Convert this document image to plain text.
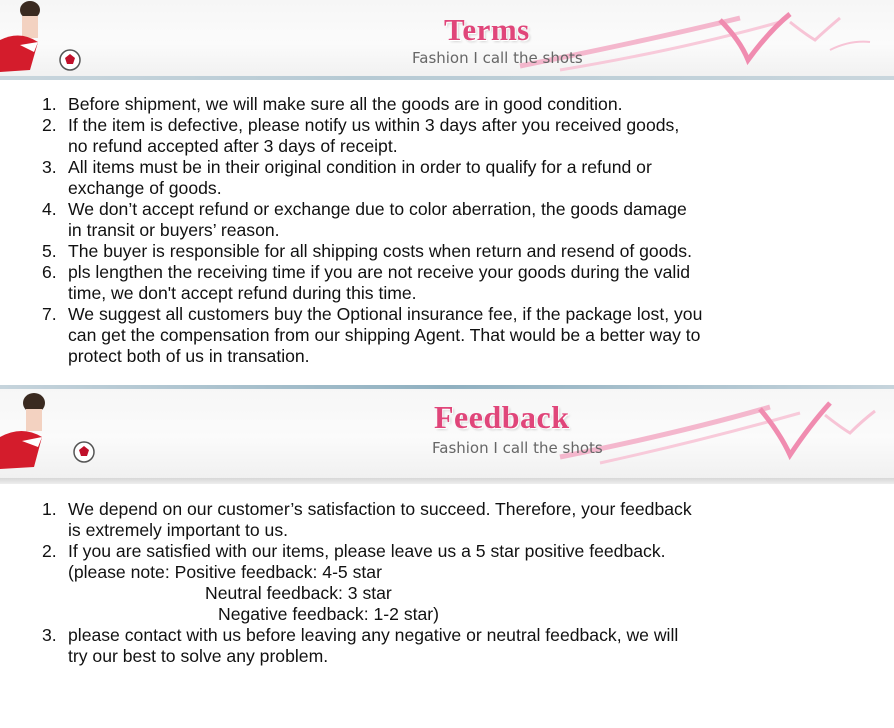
Terms
Fashion I call the shots
1. Before shipment, we will make sure all the goods are in good condition.
2. If the item is defective, please notify us within 3 days after you received goods,
no refund accepted after 3 days of receipt.
3. All items must be in their original condition in order to qualify for a refund or
exchange of goods.
4. We don’t accept refund or exchange due to color aberration, the goods damage
in transit or buyers’ reason.
5. The buyer is responsible for all shipping costs when return and resend of goods.
6. pls lengthen the receiving time if you are not receive your goods during the valid
time, we don't accept refund during this time.
7. We suggest all customers buy the Optional insurance fee, if the package lost, you
can get the compensation from our shipping Agent. That would be a better way to
protect both of us in transation.
Feedback
Fashion I call the shots
1. We depend on our customer’s satisfaction to succeed. Therefore, your feedback
is extremely important to us.
2. If you are satisfied with our items, please leave us a 5 star positive feedback.
(please note: Positive feedback: 4-5 star
Neutral feedback: 3 star
Negative feedback: 1-2 star)
3. please contact with us before leaving any negative or neutral feedback, we will
try our best to solve any problem.
